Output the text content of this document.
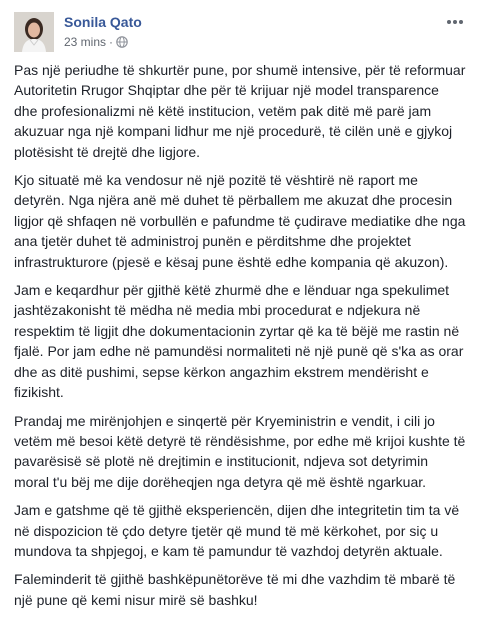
Sonila Qato
23 mins ·

Pas një periudhe të shkurtër pune, por shumë intensive, për të reformuar Autoritetin Rrugor Shqiptar dhe për të krijuar një model transparence dhe profesionalizmi në këtë institucion, vetëm pak ditë më parë jam akuzuar nga një kompani lidhur me një procedurë, të cilën unë e gjykoj plotësisht të drejtë dhe ligjore.

Kjo situatë më ka vendosur në një pozitë të vështirë në raport me detyrën. Nga njëra anë më duhet të përballem me akuzat dhe procesin ligjor që shfaqen në vorbullën e pafundme të çudirave mediatike dhe nga ana tjetër duhet të administroj punën e përditshme dhe projektet infrastrukturore (pjesë e kësaj pune është edhe kompania që akuzon).

Jam e keqardhur për gjithë këtë zhurmë dhe e lënduar nga spekulimet jashtëzakonisht të mëdha në media mbi procedurat e ndjekura në respektim të ligjit dhe dokumentacionin zyrtar që ka të bëjë me rastin në fjalë. Por jam edhe në pamundësi normaliteti në një punë që s'ka as orar dhe as ditë pushimi, sepse kërkon angazhim ekstrem mendërisht e fizikisht.

Prandaj me mirënjohjen e sinqertë për Kryeministrin e vendit, i cili jo vetëm më besoi këtë detyrë të rëndësishme, por edhe më krijoi kushte të pavarësisë së plotë në drejtimin e institucionit, ndjeva sot detyrimin moral t'u bëj me dije dorëheqjen nga detyra që më është ngarkuar.

Jam e gatshme që të gjithë eksperiencën, dijen dhe integritetin tim ta vë në dispozicion të çdo detyre tjetër që mund të më kërkohet, por siç u mundova ta shpjegoj, e kam të pamundur të vazhdoj detyrën aktuale.

Faleminderit të gjithë bashkëpunëtorëve të mi dhe vazhdim të mbarë të një pune që kemi nisur mirë së bashku!
